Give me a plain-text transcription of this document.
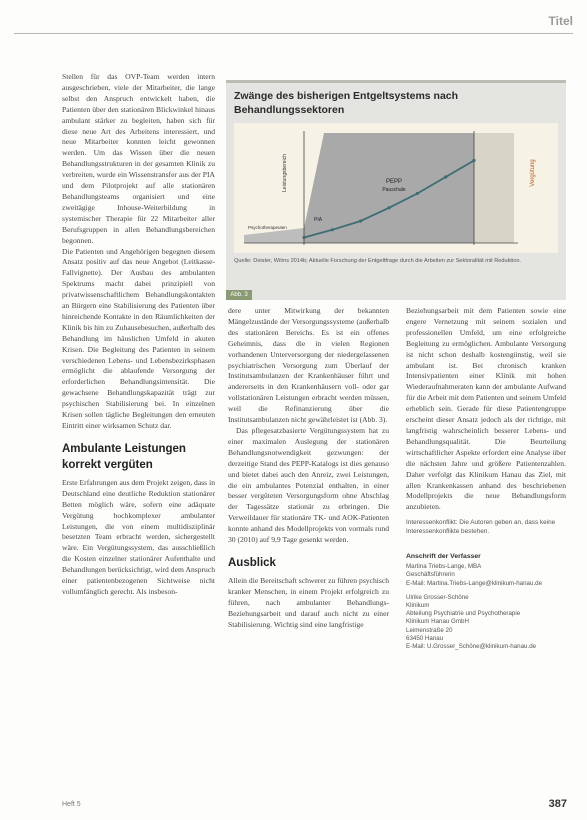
Titel

Stellen für das OVP-Team werden intern ausgeschrieben, viele der Mitarbeiter, die lange selbst den Anspruch entwickelt haben, die Patienten über den stationären Blickwinkel hinaus ambulant stärker zu begleiten, haben sich für diese neue Art des Arbeitens interessiert, und neue Mitarbeiter konnten leicht gewonnen werden. Um das Wissen über die neuen Behandlungsstrukturen in der gesamten Klinik zu verbreiten, wurde ein Wissenstransfer aus der PIA und dem Pilotprojekt auf alle stationären Behandlungsteams organisiert und eine zweitägige Inhouse-Weiterbildung in systemischer Therapie für 22 Mitarbeiter aller Berufsgruppen in allen Behandlungsbereichen begonnen.

Die Patienten und Angehörigen begegnen diesem Ansatz positiv auf das neue Angebot (Leitkasse-Fallvignette). Der Ausbau des ambulanten Spektrums macht dabei prinzipiell von privatwissenschaftlichem Behandlungskontakten an Bürgern eine Stabilisierung des Patienten über hinreichende Kontakte in den Räumlichkeiten der Klinik bis hin zu Zuhausebesuchen, außerhalb des Behandlung im häuslichen Umfeld in akuten Krisen. Die Begleitung des Patienten in seinem verschiedenen Lebens- und Lebensbezirksphasen ermöglicht die ablaufende Versorgung der erforderlichen Behandlungsintensität. Die gewachsene Behandlungskapazität trägt zur psychischen Stabilisierung bei. In einzelnen Krisen sollen tägliche Begleitungen den erneuten Eintritt einer wirksamen Schutz dar.

Ambulante Leistungen korrekt vergüten

Erste Erfahrungen aus dem Projekt zeigen, dass in Deutschland eine deutliche Reduktion stationärer Betten möglich wäre, sofern eine adäquate Vergütung hochkomplexer ambulanter Leistungen, die von einem multidisziplinär besetzten Team erbracht werden, sichergestellt wäre. Ein Vergütungssystem, das ausschließlich die Kosten einzelner stationärer Aufenthalte und Behandlungen berücksichtigt, wird dem Anspruch einer patientenbezogenen Sichtweise nicht vollumfänglich gerecht. Als insbeson-

Zwänge des bisherigen Entgeltsystems nach Behandlungssektoren
PEPP
Pauschale
PIA
Psychotherapeuten
Leistungsbereich	Vergütung
Quelle: Deister, Wilms 2014b; Aktuelle Forschung der Entgeltfrage durch die Arbeiten zur Sektoralität mit Reduktion.
Abb. 3

dere unter Mitwirkung der bekannten Mängelzustände der Versorgungssysteme (außerhalb des stationären Bereichs. Es ist ein offenes Geheimnis, dass die in vielen Regionen vorhandenen Unterversorgung der niedergelassenen psychiatrischen Versorgung zum Überlauf der Institutsambulanzen der Krankenhäuser führt und andererseits in den Krankenhäusern voll- oder gar vollstationären Leistungen erbracht werden müssen, weil die Refinanzierung über die Institutsambulanzen nicht gewährleistet ist (Abb. 3).

Das pflegesatzbasierte Vergütungssystem hat zu einer maximalen Auslegung der stationären Behandlungsnotwendigkeit gezwungen: der derzeitige Stand des PEPP-Katalogs ist dies genauso und bietet dabei auch den Anreiz, zwei Leistungen, die ein ambulantes Potenzial enthalten, in einer besser vergüteten Versorgungsform ohne Abschlag der Tagessätze stationär zu erbringen. Die Verweildauer für stationäre TK- und AOK-Patienten konnte anhand des Modellprojekts von vormals rund 30 (2010) auf 9,9 Tage gesenkt werden.

Ausblick

Allein die Bereitschaft schwerer zu führen psychisch kranker Menschen, in einem Projekt erfolgreich zu führen, nach ambulanter Behandlungs-Beziehungsarbeit und darauf auch nicht zu einer Stabilisierung. Wichtig sind eine langfristige

Beziehungsarbeit mit dem Patienten sowie eine engere Vernetzung mit seinem sozialen und professionellen Umfeld, um eine erfolgreiche Begleitung zu ermöglichen. Ambulante Versorgung ist nicht schon deshalb kostengünstig, weil sie ambulant ist. Bei chronisch kranken Intensivpatienten einer Klinik mit hohen Wiederaufnahmeraten kann der ambulante Aufwand für die Arbeit mit dem Patienten und seinem Umfeld erheblich sein. Gerade für diese Patientengruppe erscheint dieser Ansatz jedoch als der richtige, mit langfristig wahrscheinlich besserer Lebens- und Behandlungsqualität. Die Beurteilung wirtschaftlicher Aspekte erfordert eine Analyse über die nächsten Jahre und größere Patientenzahlen. Daher verfolgt das Klinikum Hanau das Ziel, mit allen Krankenkassen anhand des beschriebenen Modellprojekts die neue Behandlungsform anzubieten.

Interessenkonflikt: Die Autoren geben an, dass keine Interessenkonflikte bestehen.
Anschrift der Verfasser
Martina Triebs-Lange, MBA
Geschäftsführerin
E-Mail: Martina.Triebs-Lange@klinikum-hanau.de
Ulrike Grosser-Schöne
Klinikum
Abteilung Psychiatrie und Psychotherapie
Klinikum Hanau GmbH
Leimenstraße 20
63450 Hanau
E-Mail: U.Grosser_Schöne@klinikum-hanau.de
Heft 5	387
